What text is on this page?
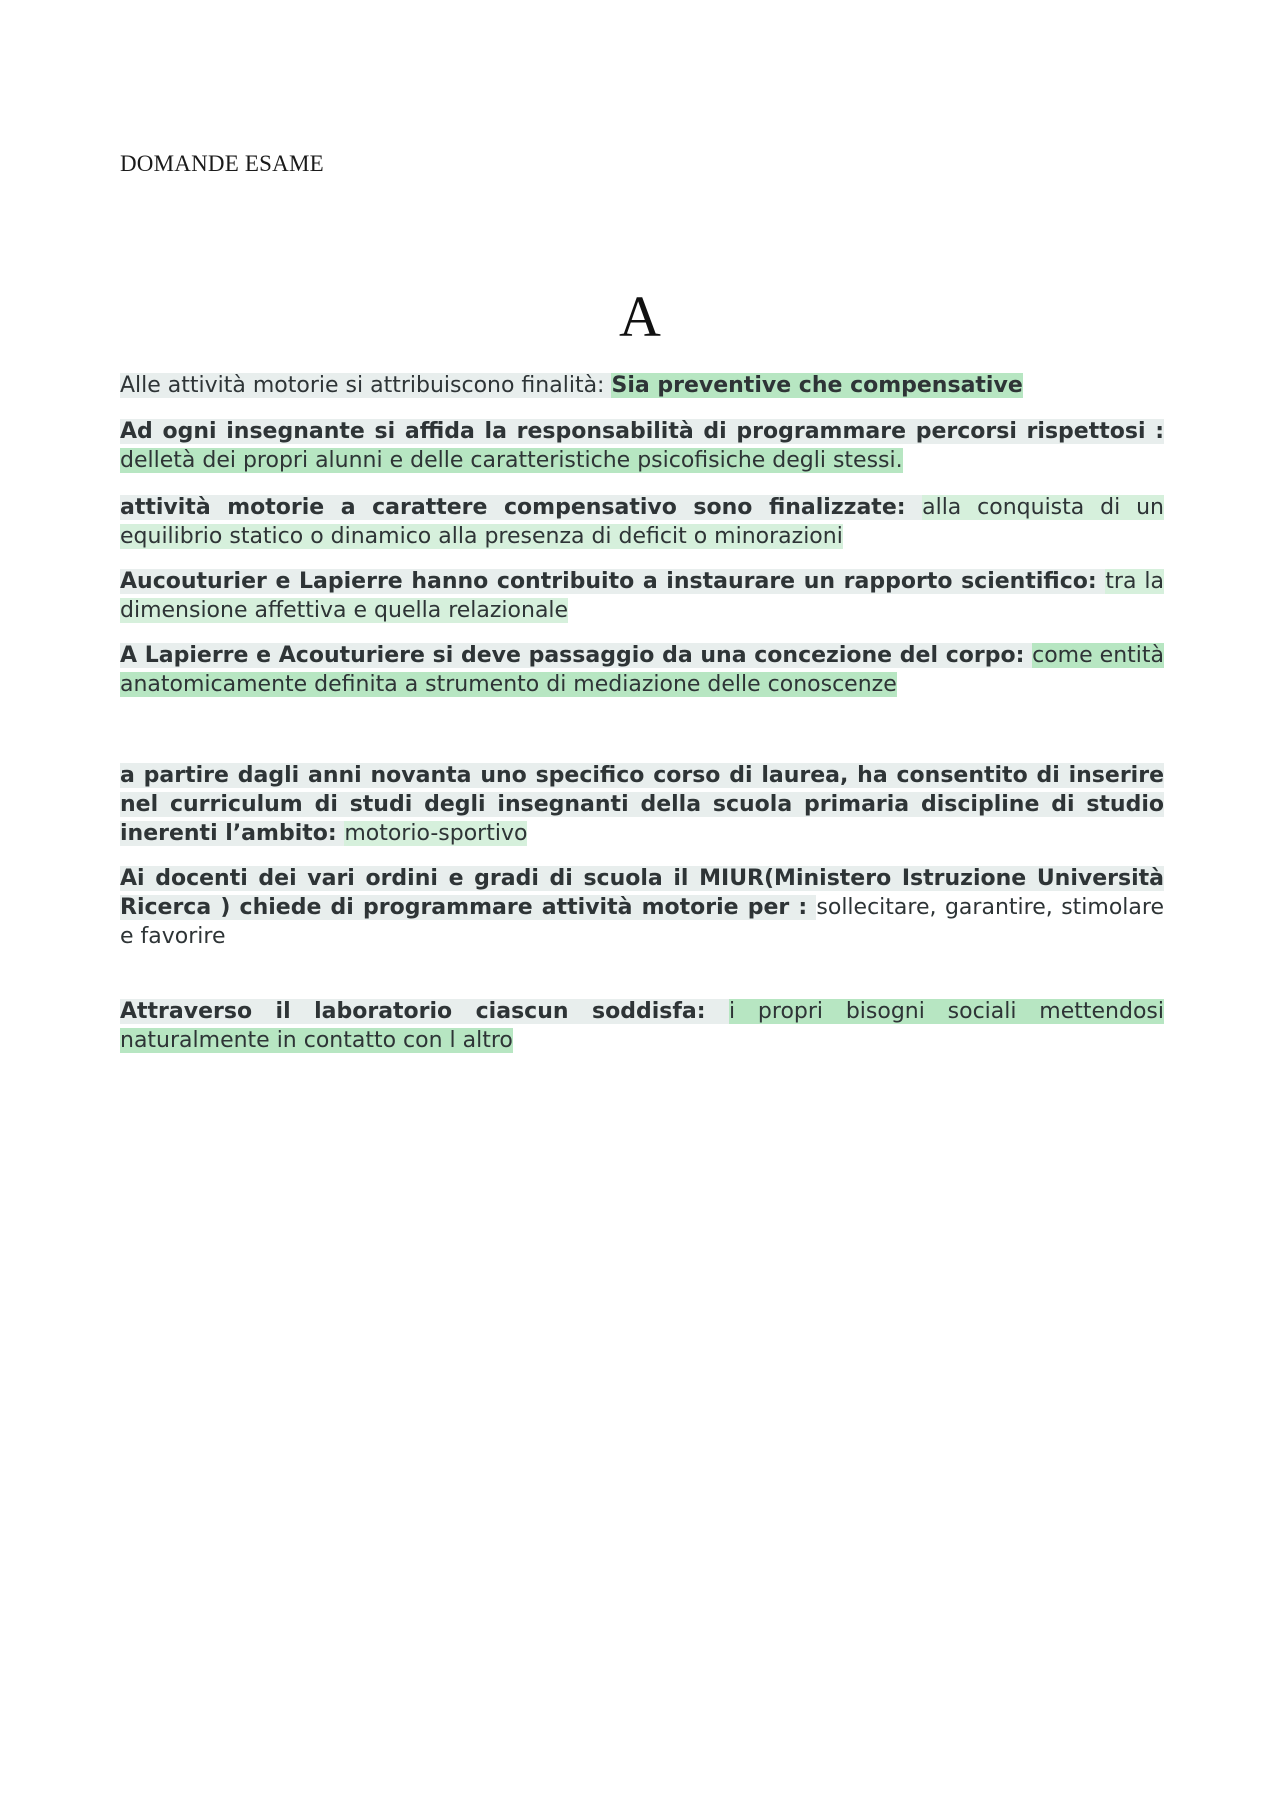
DOMANDE ESAME
A

Alle attività motorie si attribuiscono finalità: Sia preventive che compensative

Ad ogni insegnante si affida la responsabilità di programmare percorsi rispettosi : delletà dei propri alunni e delle caratteristiche psicofisiche degli stessi.

attività motorie a carattere compensativo sono finalizzate: alla conquista di un equilibrio statico o dinamico alla presenza di deficit o minorazioni

Aucouturier e Lapierre hanno contribuito a instaurare un rapporto scientifico: tra la dimensione affettiva e quella relazionale

A Lapierre e Acouturiere si deve passaggio da una concezione del corpo: come entità anatomicamente definita a strumento di mediazione delle conoscenze

a partire dagli anni novanta uno specifico corso di laurea, ha consentito di inserire nel curriculum di studi degli insegnanti della scuola primaria discipline di studio inerenti l’ambito: motorio-sportivo

Ai docenti dei vari ordini e gradi di scuola il MIUR(Ministero Istruzione Università Ricerca ) chiede di programmare attività motorie per : sollecitare, garantire, stimolare e favorire

Attraverso il laboratorio ciascun soddisfa: i propri bisogni sociali mettendosi naturalmente in contatto con l altro
